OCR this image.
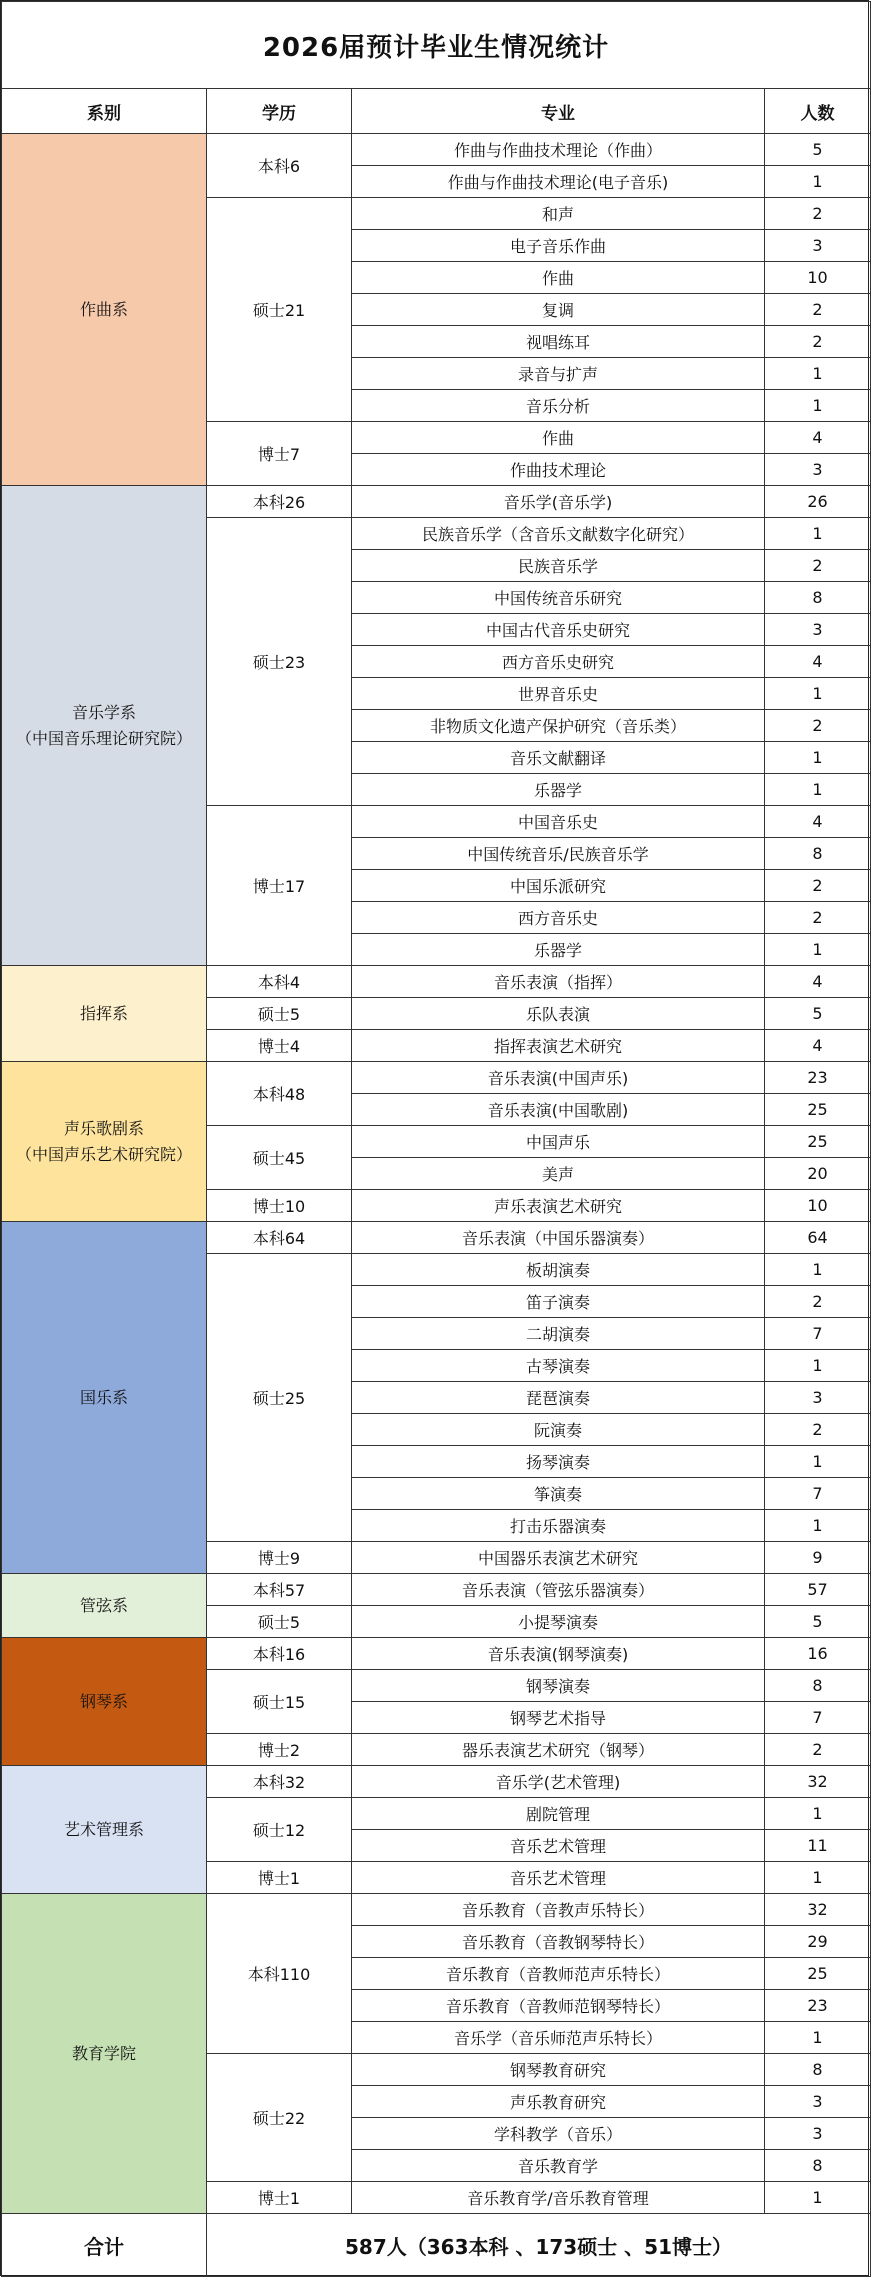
2026届预计毕业生情况统计			
系别	学历	专业	人数

作曲系	本科6	作曲与作曲技术理论（作曲）	5
		作曲与作曲技术理论(电子音乐)	1
	硕士21	和声	2
		电子音乐作曲	3
		作曲	10
		复调	2
		视唱练耳	2
		录音与扩声	1
		音乐分析	1
	博士7	作曲	4
		作曲技术理论	3

音乐学系
（中国音乐理论研究院）	本科26	音乐学(音乐学)	26
	硕士23	民族音乐学（含音乐文献数字化研究）	1
		民族音乐学	2
		中国传统音乐研究	8
		中国古代音乐史研究	3
		西方音乐史研究	4
		世界音乐史	1
		非物质文化遗产保护研究（音乐类）	2
		音乐文献翻译	1
		乐器学	1
	博士17	中国音乐史	4
		中国传统音乐/民族音乐学	8
		中国乐派研究	2
		西方音乐史	2
		乐器学	1

指挥系	本科4	音乐表演（指挥）	4
	硕士5	乐队表演	5
	博士4	指挥表演艺术研究	4

声乐歌剧系
（中国声乐艺术研究院）	本科48	音乐表演(中国声乐)	23
		音乐表演(中国歌剧)	25
	硕士45	中国声乐	25
		美声	20
	博士10	声乐表演艺术研究	10

国乐系	本科64	音乐表演（中国乐器演奏）	64
	硕士25	板胡演奏	1
		笛子演奏	2
		二胡演奏	7
		古琴演奏	1
		琵琶演奏	3
		阮演奏	2
		扬琴演奏	1
		筝演奏	7
		打击乐器演奏	1
	博士9	中国器乐表演艺术研究	9

管弦系	本科57	音乐表演（管弦乐器演奏）	57
	硕士5	小提琴演奏	5

钢琴系	本科16	音乐表演(钢琴演奏)	16
	硕士15	钢琴演奏	8
		钢琴艺术指导	7
	博士2	器乐表演艺术研究（钢琴）	2

艺术管理系	本科32	音乐学(艺术管理)	32
	硕士12	剧院管理	1
		音乐艺术管理	11
	博士1	音乐艺术管理	1

教育学院	本科110	音乐教育（音教声乐特长）	32
		音乐教育（音教钢琴特长）	29
		音乐教育（音教师范声乐特长）	25
		音乐教育（音教师范钢琴特长）	23
		音乐学（音乐师范声乐特长）	1
	硕士22	钢琴教育研究	8
		声乐教育研究	3
		学科教学（音乐）	3
		音乐教育学	8
	博士1	音乐教育学/音乐教育管理	1
合计	587人（363本科 、173硕士 、51博士）		
